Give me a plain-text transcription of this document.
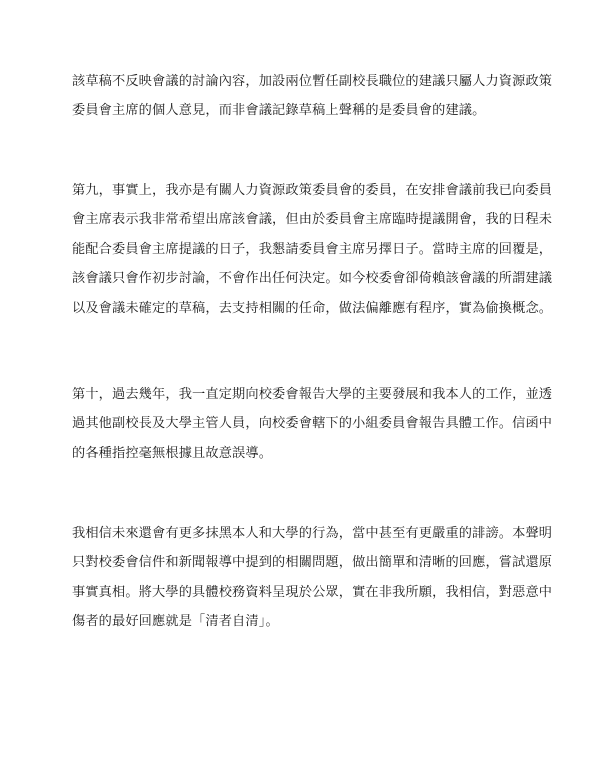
該草稿不反映會議的討論內容，加設兩位暫任副校長職位的建議只屬人力資源政策
委員會主席的個人意見，而非會議記錄草稿上聲稱的是委員會的建議。
第九，事實上，我亦是有關人力資源政策委員會的委員，在安排會議前我已向委員
會主席表示我非常希望出席該會議，但由於委員會主席臨時提議開會，我的日程未
能配合委員會主席提議的日子，我懇請委員會主席另擇日子。當時主席的回覆是，
該會議只會作初步討論，不會作出任何決定。如今校委會卻倚賴該會議的所謂建議
以及會議未確定的草稿，去支持相關的任命，做法偏離應有程序，實為偷換概念。
第十，過去幾年，我一直定期向校委會報告大學的主要發展和我本人的工作，並透
過其他副校長及大學主管人員，向校委會轄下的小組委員會報告具體工作。信函中
的各種指控毫無根據且故意誤導。
我相信未來還會有更多抹黑本人和大學的行為，當中甚至有更嚴重的誹謗。本聲明
只對校委會信件和新聞報導中提到的相關問題，做出簡單和清晰的回應，嘗試還原
事實真相。將大學的具體校務資料呈現於公眾，實在非我所願，我相信，對惡意中
傷者的最好回應就是「清者自清」。
